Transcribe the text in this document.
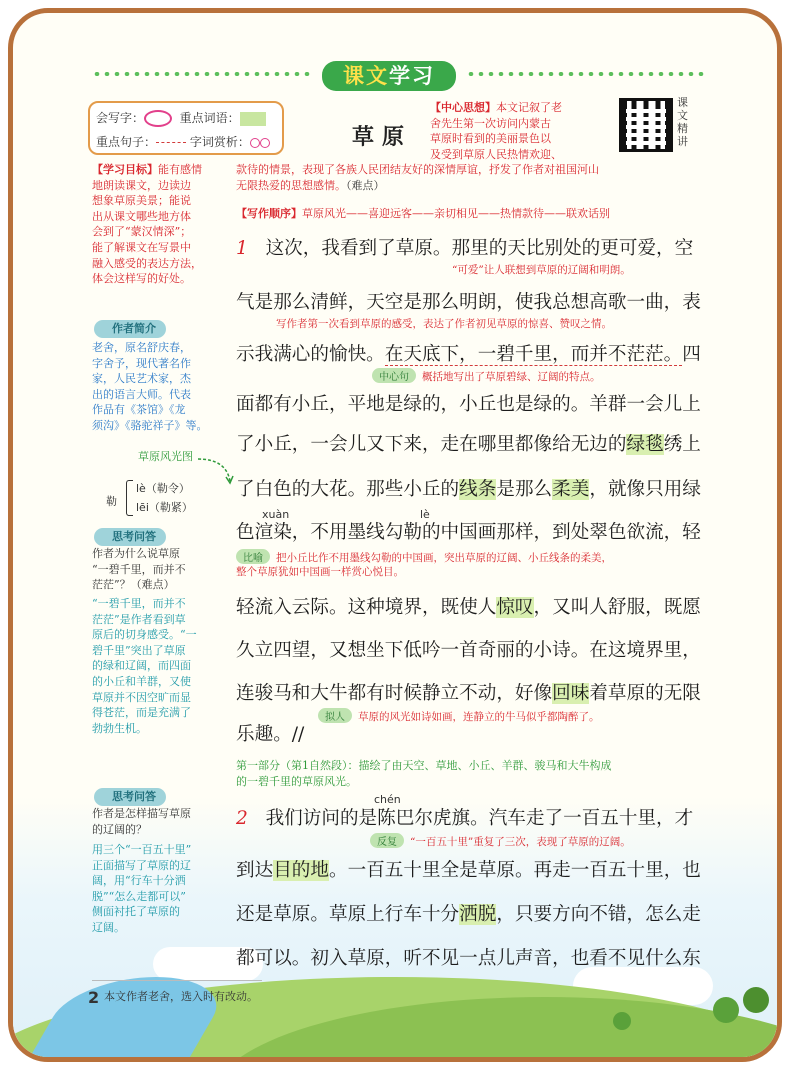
课文学习
会写字：○ 重点词语：
重点句子：	字词赏析：	草原
课文精讲
【中心思想】本文记叙了老
舍先生第一次访问内蒙古
草原时看到的美丽景色以
及受到草原人民热情欢迎、
款待的情景，表现了各族人民团结友好的深情厚谊，抒发了作者对祖国河山
无限热爱的思想感情。（难点）
【写作顺序】草原风光——喜迎远客——亲切相见——热情款待——联欢话别
【学习目标】能有感情
地朗读课文，边读边
想象草原美景；能说
出从课文哪些地方体
会到了“蒙汉情深”；
能了解课文在写景中
融入感受的表达方法，
体会这样写的好处。
作者简介
老舍，原名舒庆春，
字舍予，现代著名作
家，人民艺术家，杰
出的语言大师。代表
作品有《茶馆》《龙
须沟》《骆驼祥子》等。
草原风光图
勒
lè（勒令）
lēi（勒紧）
思考问答
作者为什么说草原
“一碧千里，而并不
茫茫”？（难点）
“一碧千里，而并不
茫茫”是作者看到草
原后的切身感受。“一
碧千里”突出了草原
的绿和辽阔，而四面
的小丘和羊群，又使
草原并不因空旷而显
得苍茫，而是充满了
勃勃生机。
思考问答
作者是怎样描写草原
的辽阔的？
用三个“一百五十里”
正面描写了草原的辽
阔，用“行车十分洒
脱”“怎么走都可以”
侧面衬托了草原的
辽阔。
1 这次，我看到了草原。那里的天比别处的更可爱，空
“可爱”让人联想到草原的辽阔和明朗。
气是那么清鲜，天空是那么明朗，使我总想高歌一曲，表
写作者第一次看到草原的感受，表达了作者初见草原的惊喜、赞叹之情。
示我满心的愉快。在天底下，一碧千里，而并不茫茫。四
中心句 概括地写出了草原碧绿、辽阔的特点。
面都有小丘，平地是绿的，小丘也是绿的。羊群一会儿上
了小丘，一会儿又下来，走在哪里都像给无边的绿毯绣上
了白色的大花。那些小丘的线条是那么柔美，就像只用绿
xuàn	lè
色渲染，不用墨线勾勒的中国画那样，到处翠色欲流，轻
比喻 把小丘比作不用墨线勾勒的中国画，突出草原的辽阔、小丘线条的柔美，
整个草原犹如中国画一样赏心悦目。
轻流入云际。这种境界，既使人惊叹，又叫人舒服，既愿
久立四望，又想坐下低吟一首奇丽的小诗。在这境界里，
连骏马和大牛都有时候静立不动，好像回味着草原的无限
拟人 草原的风光如诗如画，连静立的牛马似乎都陶醉了。
乐趣。//
第一部分（第1自然段）：描绘了由天空、草地、小丘、羊群、骏马和大牛构成
的一碧千里的草原风光。
chén
2 我们访问的是陈巴尔虎旗。汽车走了一百五十里，才
反复 “一百五十里”重复了三次，表现了草原的辽阔。
到达目的地。一百五十里全是草原。再走一百五十里，也
还是草原。草原上行车十分洒脱，只要方向不错，怎么走
都可以。初入草原，听不见一点儿声音，也看不见什么东
2 本文作者老舍，选入时有改动。
